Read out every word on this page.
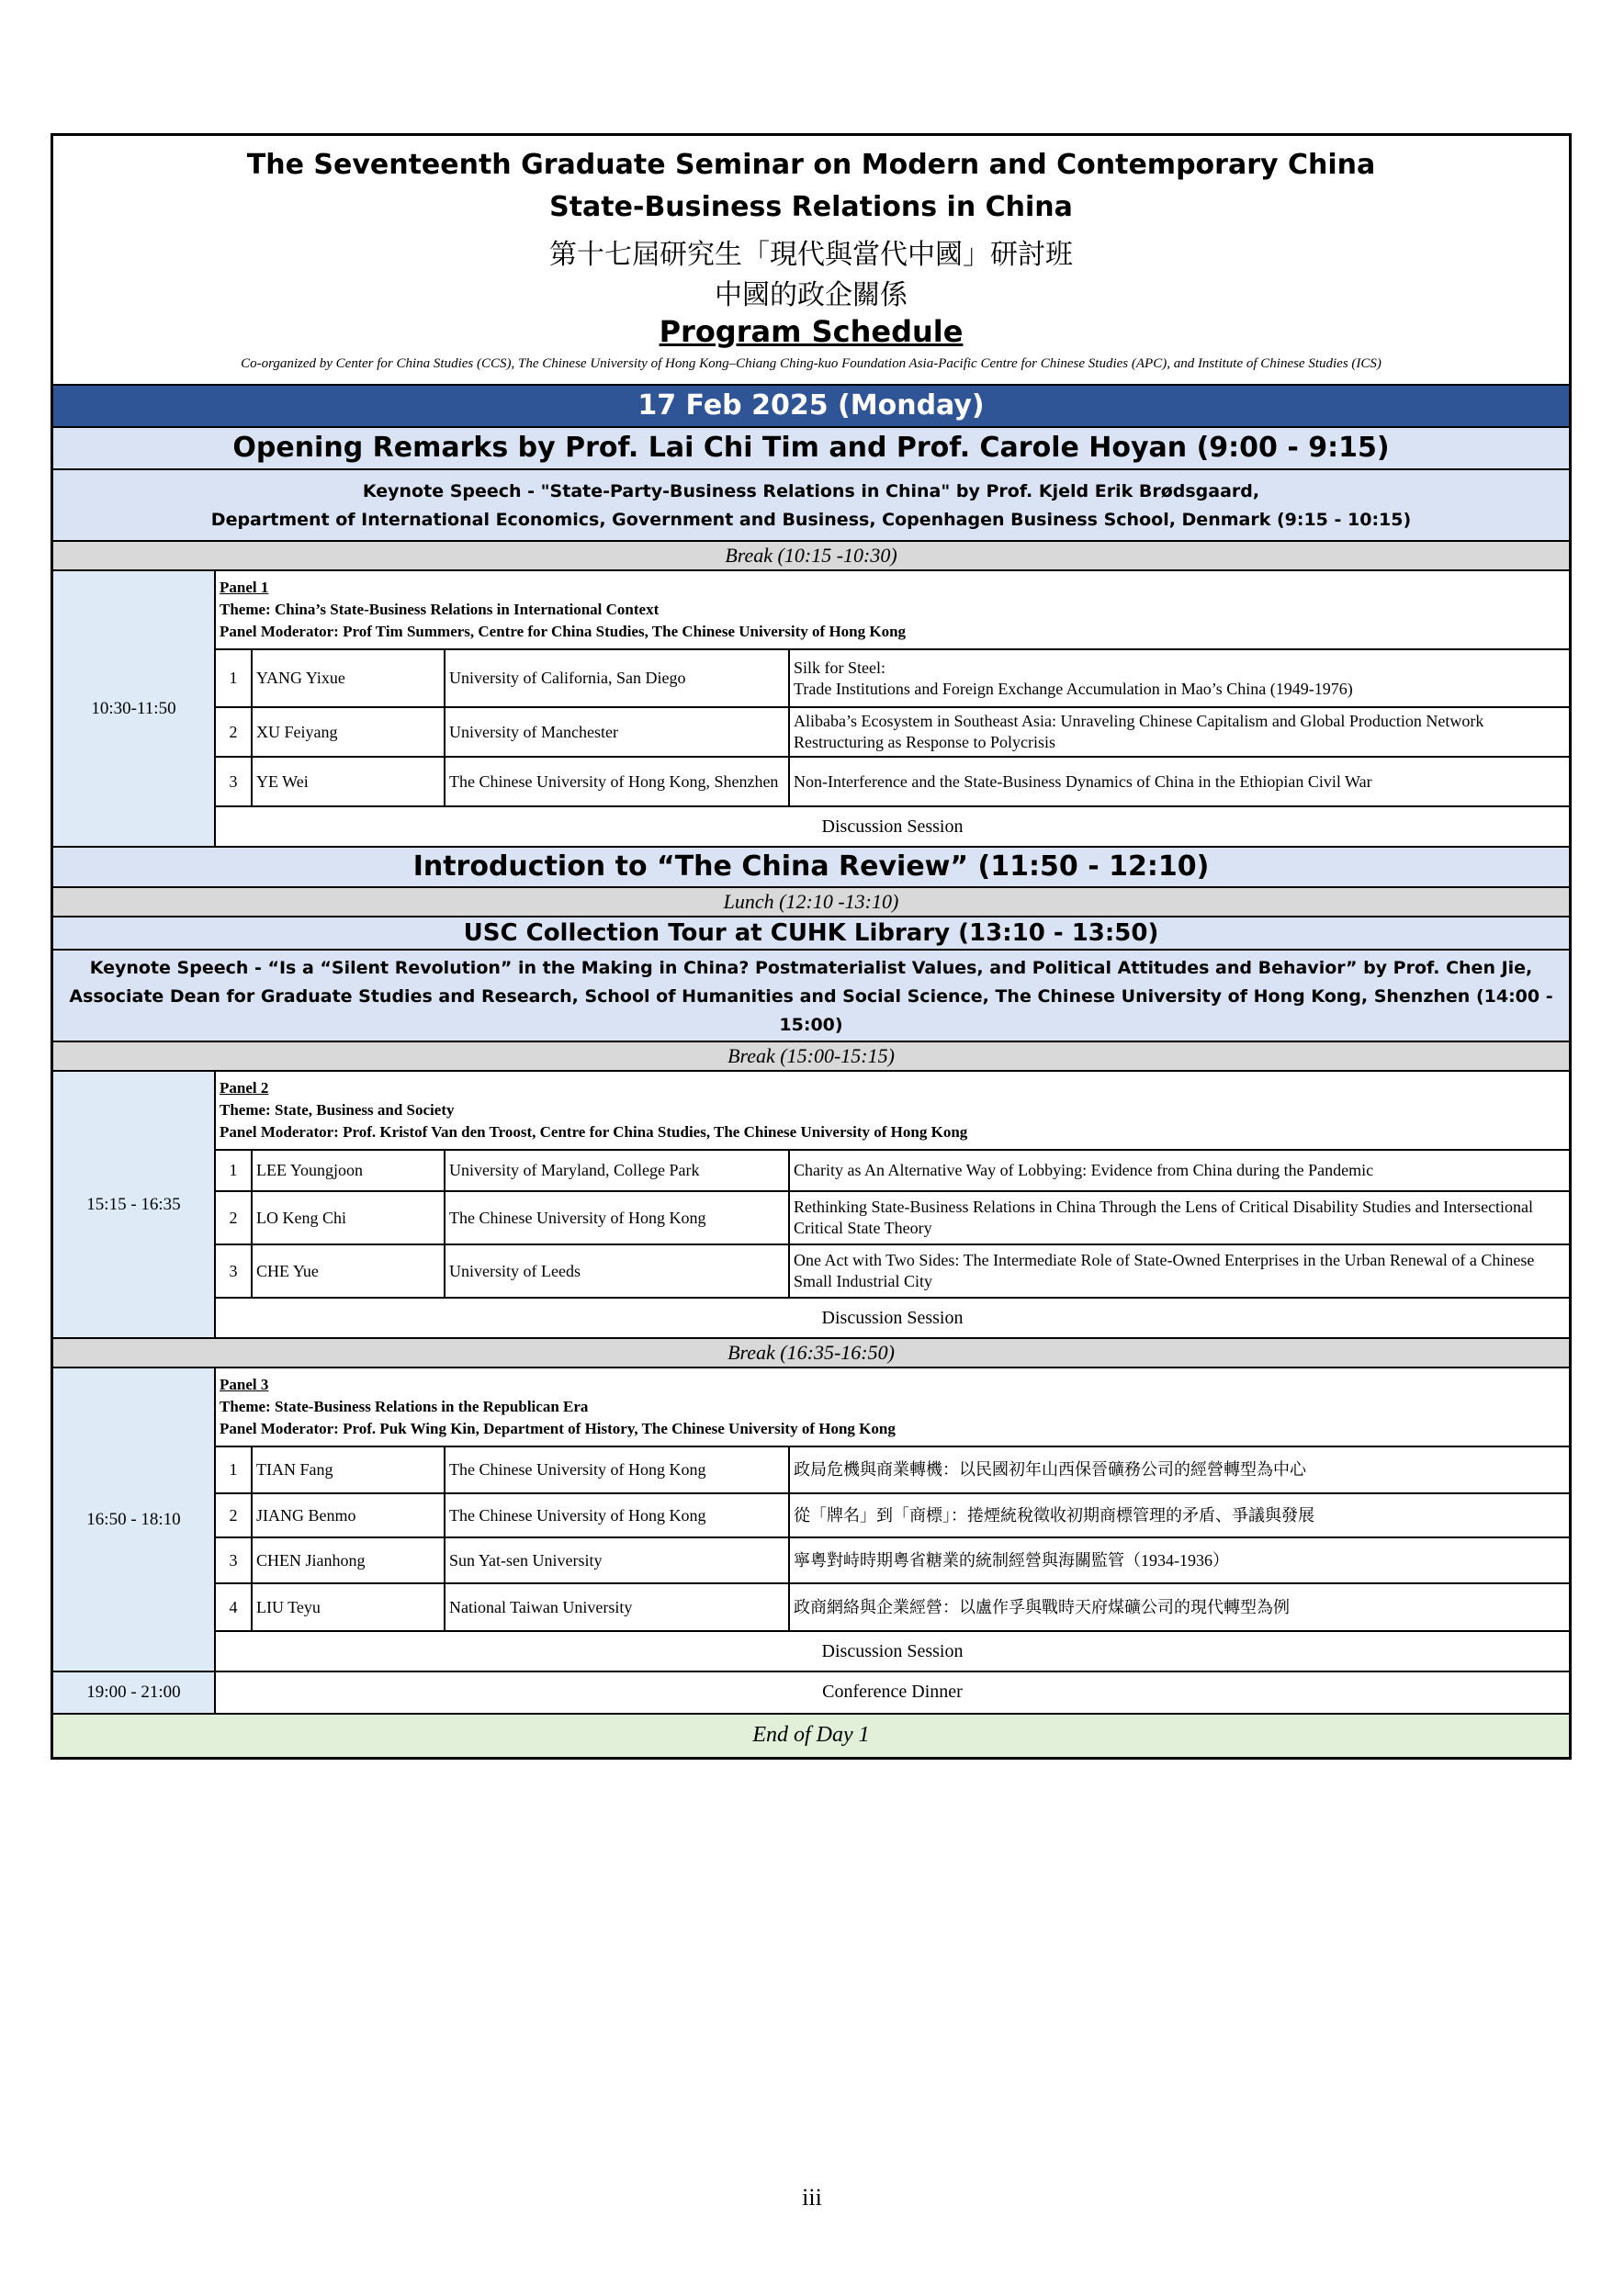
The Seventeenth Graduate Seminar on Modern and Contemporary China
State-Business Relations in China
第十七屆研究生「現代與當代中國」研討班
中國的政企關係
Program Schedule
Co-organized by Center for China Studies (CCS), The Chinese University of Hong Kong–Chiang Ching-kuo Foundation Asia-Pacific Centre for Chinese Studies (APC), and Institute of Chinese Studies (ICS)
17 Feb 2025 (Monday)
Opening Remarks by Prof. Lai Chi Tim and Prof. Carole Hoyan (9:00 - 9:15)
Keynote Speech - "State-Party-Business Relations in China" by Prof. Kjeld Erik Brødsgaard,
Department of International Economics, Government and Business, Copenhagen Business School, Denmark (9:15 - 10:15)
Break (10:15 -10:30)
10:30-11:50
Panel 1
Theme: China’s State-Business Relations in International Context
Panel Moderator: Prof Tim Summers, Centre for China Studies, The Chinese University of Hong Kong
1	YANG Yixue	University of California, San Diego	Silk for Steel:
Trade Institutions and Foreign Exchange Accumulation in Mao’s China (1949-1976)
2	XU Feiyang	University of Manchester	Alibaba’s Ecosystem in Southeast Asia: Unraveling Chinese Capitalism and Global Production Network Restructuring as Response to Polycrisis
3	YE Wei	The Chinese University of Hong Kong, Shenzhen	Non-Interference and the State-Business Dynamics of China in the Ethiopian Civil War
Discussion Session
Introduction to “The China Review” (11:50 - 12:10)
Lunch (12:10 -13:10)
USC Collection Tour at CUHK Library (13:10 - 13:50)
Keynote Speech - “Is a “Silent Revolution” in the Making in China? Postmaterialist Values, and Political Attitudes and Behavior” by Prof. Chen Jie,
Associate Dean for Graduate Studies and Research, School of Humanities and Social Science, The Chinese University of Hong Kong, Shenzhen (14:00 -
15:00)
Break (15:00-15:15)
15:15 - 16:35
Panel 2
Theme: State, Business and Society
Panel Moderator: Prof. Kristof Van den Troost, Centre for China Studies, The Chinese University of Hong Kong
1	LEE Youngjoon	University of Maryland, College Park	Charity as An Alternative Way of Lobbying: Evidence from China during the Pandemic
2	LO Keng Chi	The Chinese University of Hong Kong	Rethinking State-Business Relations in China Through the Lens of Critical Disability Studies and Intersectional Critical State Theory
3	CHE Yue	University of Leeds	One Act with Two Sides: The Intermediate Role of State-Owned Enterprises in the Urban Renewal of a Chinese Small Industrial City
Discussion Session
Break (16:35-16:50)
16:50 - 18:10
Panel 3
Theme: State-Business Relations in the Republican Era
Panel Moderator: Prof. Puk Wing Kin, Department of History, The Chinese University of Hong Kong
1	TIAN Fang	The Chinese University of Hong Kong	政局危機與商業轉機：以民國初年山西保晉礦務公司的經營轉型為中心
2	JIANG Benmo	The Chinese University of Hong Kong	從「牌名」到「商標」：捲煙統稅徵收初期商標管理的矛盾、爭議與發展
3	CHEN Jianhong	Sun Yat-sen University	寧粵對峙時期粵省糖業的統制經營與海關監管（1934-1936）
4	LIU Teyu	National Taiwan University	政商網絡與企業經營：以盧作孚與戰時天府煤礦公司的現代轉型為例
Discussion Session
19:00 - 21:00	Conference Dinner
End of Day 1
iii
